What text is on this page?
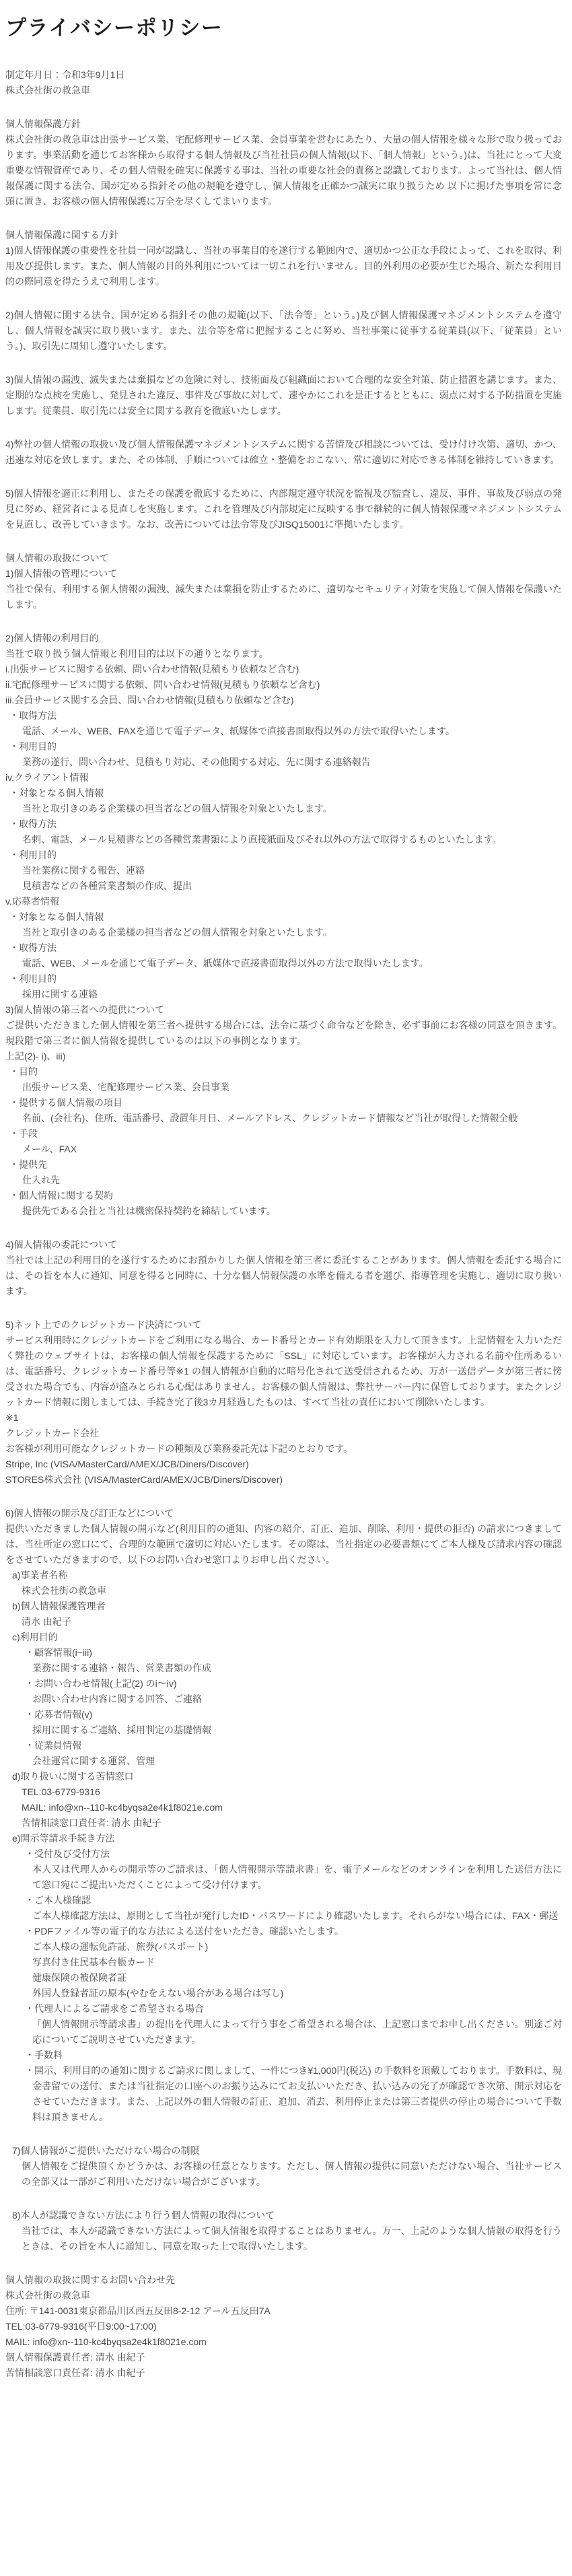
プライバシーポリシー
制定年月日：令和3年9月1日
株式会社街の救急車
個人情報保護方針
株式会社街の救急車は出張サービス業、宅配修理サービス業、会員事業を営むにあたり、大量の個人情報を様々な形で取り扱っております。事業活動を通じてお客様から取得する個人情報及び当社社員の個人情報(以下、「個人情報」という。)は、当社にとって大変重要な情報資産であり、その個人情報を確実に保護する事は、当社の重要な社会的責務と認識しております。よって当社は、個人情報保護に関する法令、国が定める指針その他の規範を遵守し、個人情報を正確かつ誠実に取り扱うため 以下に掲げた事項を常に念頭に置き、お客様の個人情報保護に万全を尽くしてまいります。
個人情報保護に関する方針
1)個人情報保護の重要性を社員一同が認識し、当社の事業目的を遂行する範囲内で、適切かつ公正な手段によって、これを取得、利用及び提供します。また、個人情報の目的外利用については一切これを行いません。目的外利用の必要が生じた場合、新たな利用目的の際同意を得たうえで利用します。
2)個人情報に関する法令、国が定める指針その他の規範(以下、「法令等」という。)及び個人情報保護マネジメントシステムを遵守し、個人情報を誠実に取り扱います。また、法令等を常に把握することに努め、当社事業に従事する従業員(以下、「従業員」という。)、取引先に周知し遵守いたします。
3)個人情報の漏洩、滅失または棄損などの危険に対し、技術面及び組織面において合理的な安全対策、防止措置を講じます。また、定期的な点検を実施し、発見された違反、事件及び事故に対して、速やかにこれを是正するとともに、弱点に対する予防措置を実施します。従業員、取引先には安全に関する教育を徹底いたします。
4)弊社の個人情報の取扱い及び個人情報保護マネジメントシステムに関する苦情及び相談については、受け付け次第、適切、かつ、迅速な対応を致します。また、その体制、手順については確立・整備をおこない、常に適切に対応できる体制を維持していきます。
5)個人情報を適正に利用し、またその保護を徹底するために、内部規定遵守状況を監視及び監査し、違反、事件、事故及び弱点の発見に努め、経営者による見直しを実施します。これを管理及び内部規定に反映する事で継続的に個人情報保護マネジメントシステムを見直し、改善していきます。なお、改善については法令等及びJISQ15001に準拠いたします。
個人情報の取扱について
1)個人情報の管理について
当社で保有、利用する個人情報の漏洩、滅失または棄損を防止するために、適切なセキュリティ対策を実施して個人情報を保護いたします。
2)個人情報の利用目的
当社で取り扱う個人情報と利用目的は以下の通りとなります。
i.出張サービスに関する依頼、問い合わせ情報(見積もり依頼など含む)
ii.宅配修理サービスに関する依頼、問い合わせ情報(見積もり依頼など含む)
iii.会員サービス関する会員、問い合わせ情報(見積もり依頼など含む)
・取得方法
電話、メール、WEB、FAXを通じて電子データ、紙媒体で直接書面取得以外の方法で取得いたします。
・利用目的
業務の遂行、問い合わせ、見積もり対応、その他関する対応、先に関する連絡報告
iv.クライアント情報
・対象となる個人情報
当社と取引きのある企業様の担当者などの個人情報を対象といたします。
・取得方法
名刺、電話、メール見積書などの各種営業書類により直接紙面及びそれ以外の方法で取得するものといたします。
・利用目的
当社業務に関する報告、連絡
見積書などの各種営業書類の作成、提出
v.応募者情報
・対象となる個人情報
当社と取引きのある企業様の担当者などの個人情報を対象といたします。
・取得方法
電話、WEB、メールを通じて電子データ、紙媒体で直接書面取得以外の方法で取得いたします。
・利用目的
採用に関する連絡
3)個人情報の第三者への提供について
ご提供いただきました個人情報を第三者へ提供する場合には、法令に基づく命令などを除き、必ず事前にお客様の同意を頂きます。現段階で第三者に個人情報を提供しているのは以下の事例となります。
上記(2)- i)、iii)
・目的
出張サービス業、宅配修理サービス業、会員事業
・提供する個人情報の項目
名前、(会社名)、住所、電話番号、設置年月日、メールアドレス、クレジットカード情報など当社が取得した情報全般
・手段
メール、FAX
・提供先
仕入れ先
・個人情報に関する契約
提供先である会社と当社は機密保持契約を締結しています。
4)個人情報の委託について
当社では上記の利用目的を遂行するためにお預かりした個人情報を第三者に委託することがあります。個人情報を委託する場合には、その旨を本人に通知、同意を得ると同時に、十分な個人情報保護の水準を備える者を選び、指導管理を実施し、適切に取り扱います。
5)ネット上でのクレジットカード決済について
サービス利用時にクレジットカードをご利用になる場合、カード番号とカード有効期限を入力して頂きます。上記情報を入力いただく弊社のウェブサイトは、お客様の個人情報を保護するために「SSL」に対応しています。お客様が入力される名前や住所あるいは、電話番号、クレジットカード番号等※1 の個人情報が自動的に暗号化されて送受信されるため、万が一送信データが第三者に傍受された場合でも、内容が盗みとられる心配はありません。お客様の個人情報は、弊社サーバー内に保管しております。またクレジットカード情報に関しましては、手続き完了後3カ月経過したものは、すべて当社の責任において削除いたします。
※1
クレジットカード会社
お客様が利用可能なクレジットカードの種類及び業務委託先は下記のとおりです。
Stripe, Inc (VISA/MasterCard/AMEX/JCB/Diners/Discover)
STORES株式会社 (VISA/MasterCard/AMEX/JCB/Diners/Discover)
6)個人情報の開示及び訂正などについて
提供いただきました個人情報の開示など(利用目的の通知、内容の紹介、訂正、追加、削除、利用・提供の拒否) の請求につきましては、当社所定の窓口にて、合理的な範囲で適切に対応いたします。その際は、当社指定の必要書類にてご本人様及び請求内容の確認をさせていただきますので、以下のお問い合わせ窓口よりお申し出ください。
a)事業者名称
株式会社街の救急車
b)個人情報保護管理者
清水 由紀子
c)利用目的
・顧客情報(i~iii)
業務に関する連絡・報告、営業書類の作成
・お問い合わせ情報(上記(2) のi～iv)
お問い合わせ内容に関する回答、ご連絡
・応募者情報(v)
採用に関するご連絡、採用判定の基礎情報
・従業員情報
会社運営に関する運営、管理
d)取り扱いに関する苦情窓口
TEL:03-6779-9316
MAIL: info@xn--110-kc4byqsa2e4k1f8021e.com
苦情相談窓口責任者: 清水 由紀子
e)開示等請求手続き方法
・受付及び受付方法
本人又は代理人からの開示等のご請求は、「個人情報開示等請求書」を、電子メールなどのオンラインを利用した送信方法にて窓口宛にご提出いただくことによって受け付けます。
・ご本人様確認
ご本人様確認方法は、原則として当社が発行したID・パスワードにより確認いたします。それらがない場合には、FAX・郵送
・PDFファイル等の電子的な方法による送付をいただき、確認いたします。
ご本人様の運転免許証、旅券(パスポート)
写真付き住民基本台帳カード
健康保険の被保険者証
外国人登録者証の原本(やむをえない場合がある場合は写し)
・代理人によるご請求をご希望される場合
「個人情報開示等請求書」の提出を代理人によって行う事をご希望される場合は、上記窓口までお申し出ください。別途ご対応についてご説明させていただきます。
・手数料
・開示、利用目的の通知に関するご請求に関しまして、一件につき¥1,000円(税込) の手数料を頂戴しております。手数料は、現金書留での送付、または当社指定の口座へのお振り込みにてお支払いいただき、払い込みの完了が確認でき次第、開示対応をさせていただきます。また、上記以外の個人情報の訂正、追加、消去、利用停止または第三者提供の停止の場合について手数料は頂きません。
7)個人情報がご提供いただけない場合の制限
個人情報をご提供頂くかどうかは、お客様の任意となります。ただし、個人情報の提供に同意いただけない場合、当社サービスの全部又は一部がご利用いただけない場合がございます。
8)本人が認識できない方法により行う個人情報の取得について
当社では、本人が認識できない方法によって個人情報を取得することはありません。万一、上記のような個人情報の取得を行うときは、その旨を本人に通知し、同意を取った上で取得いたします。
個人情報の取扱に関するお問い合わせ先
株式会社街の救急車
住所: 〒141-0031東京都品川区西五反田8-2-12 アール五反田7A
TEL:03-6779-9316(平日9:00~17:00)
MAIL: info@xn--110-kc4byqsa2e4k1f8021e.com
個人情報保護責任者: 清水 由紀子
苦情相談窓口責任者: 清水 由紀子
